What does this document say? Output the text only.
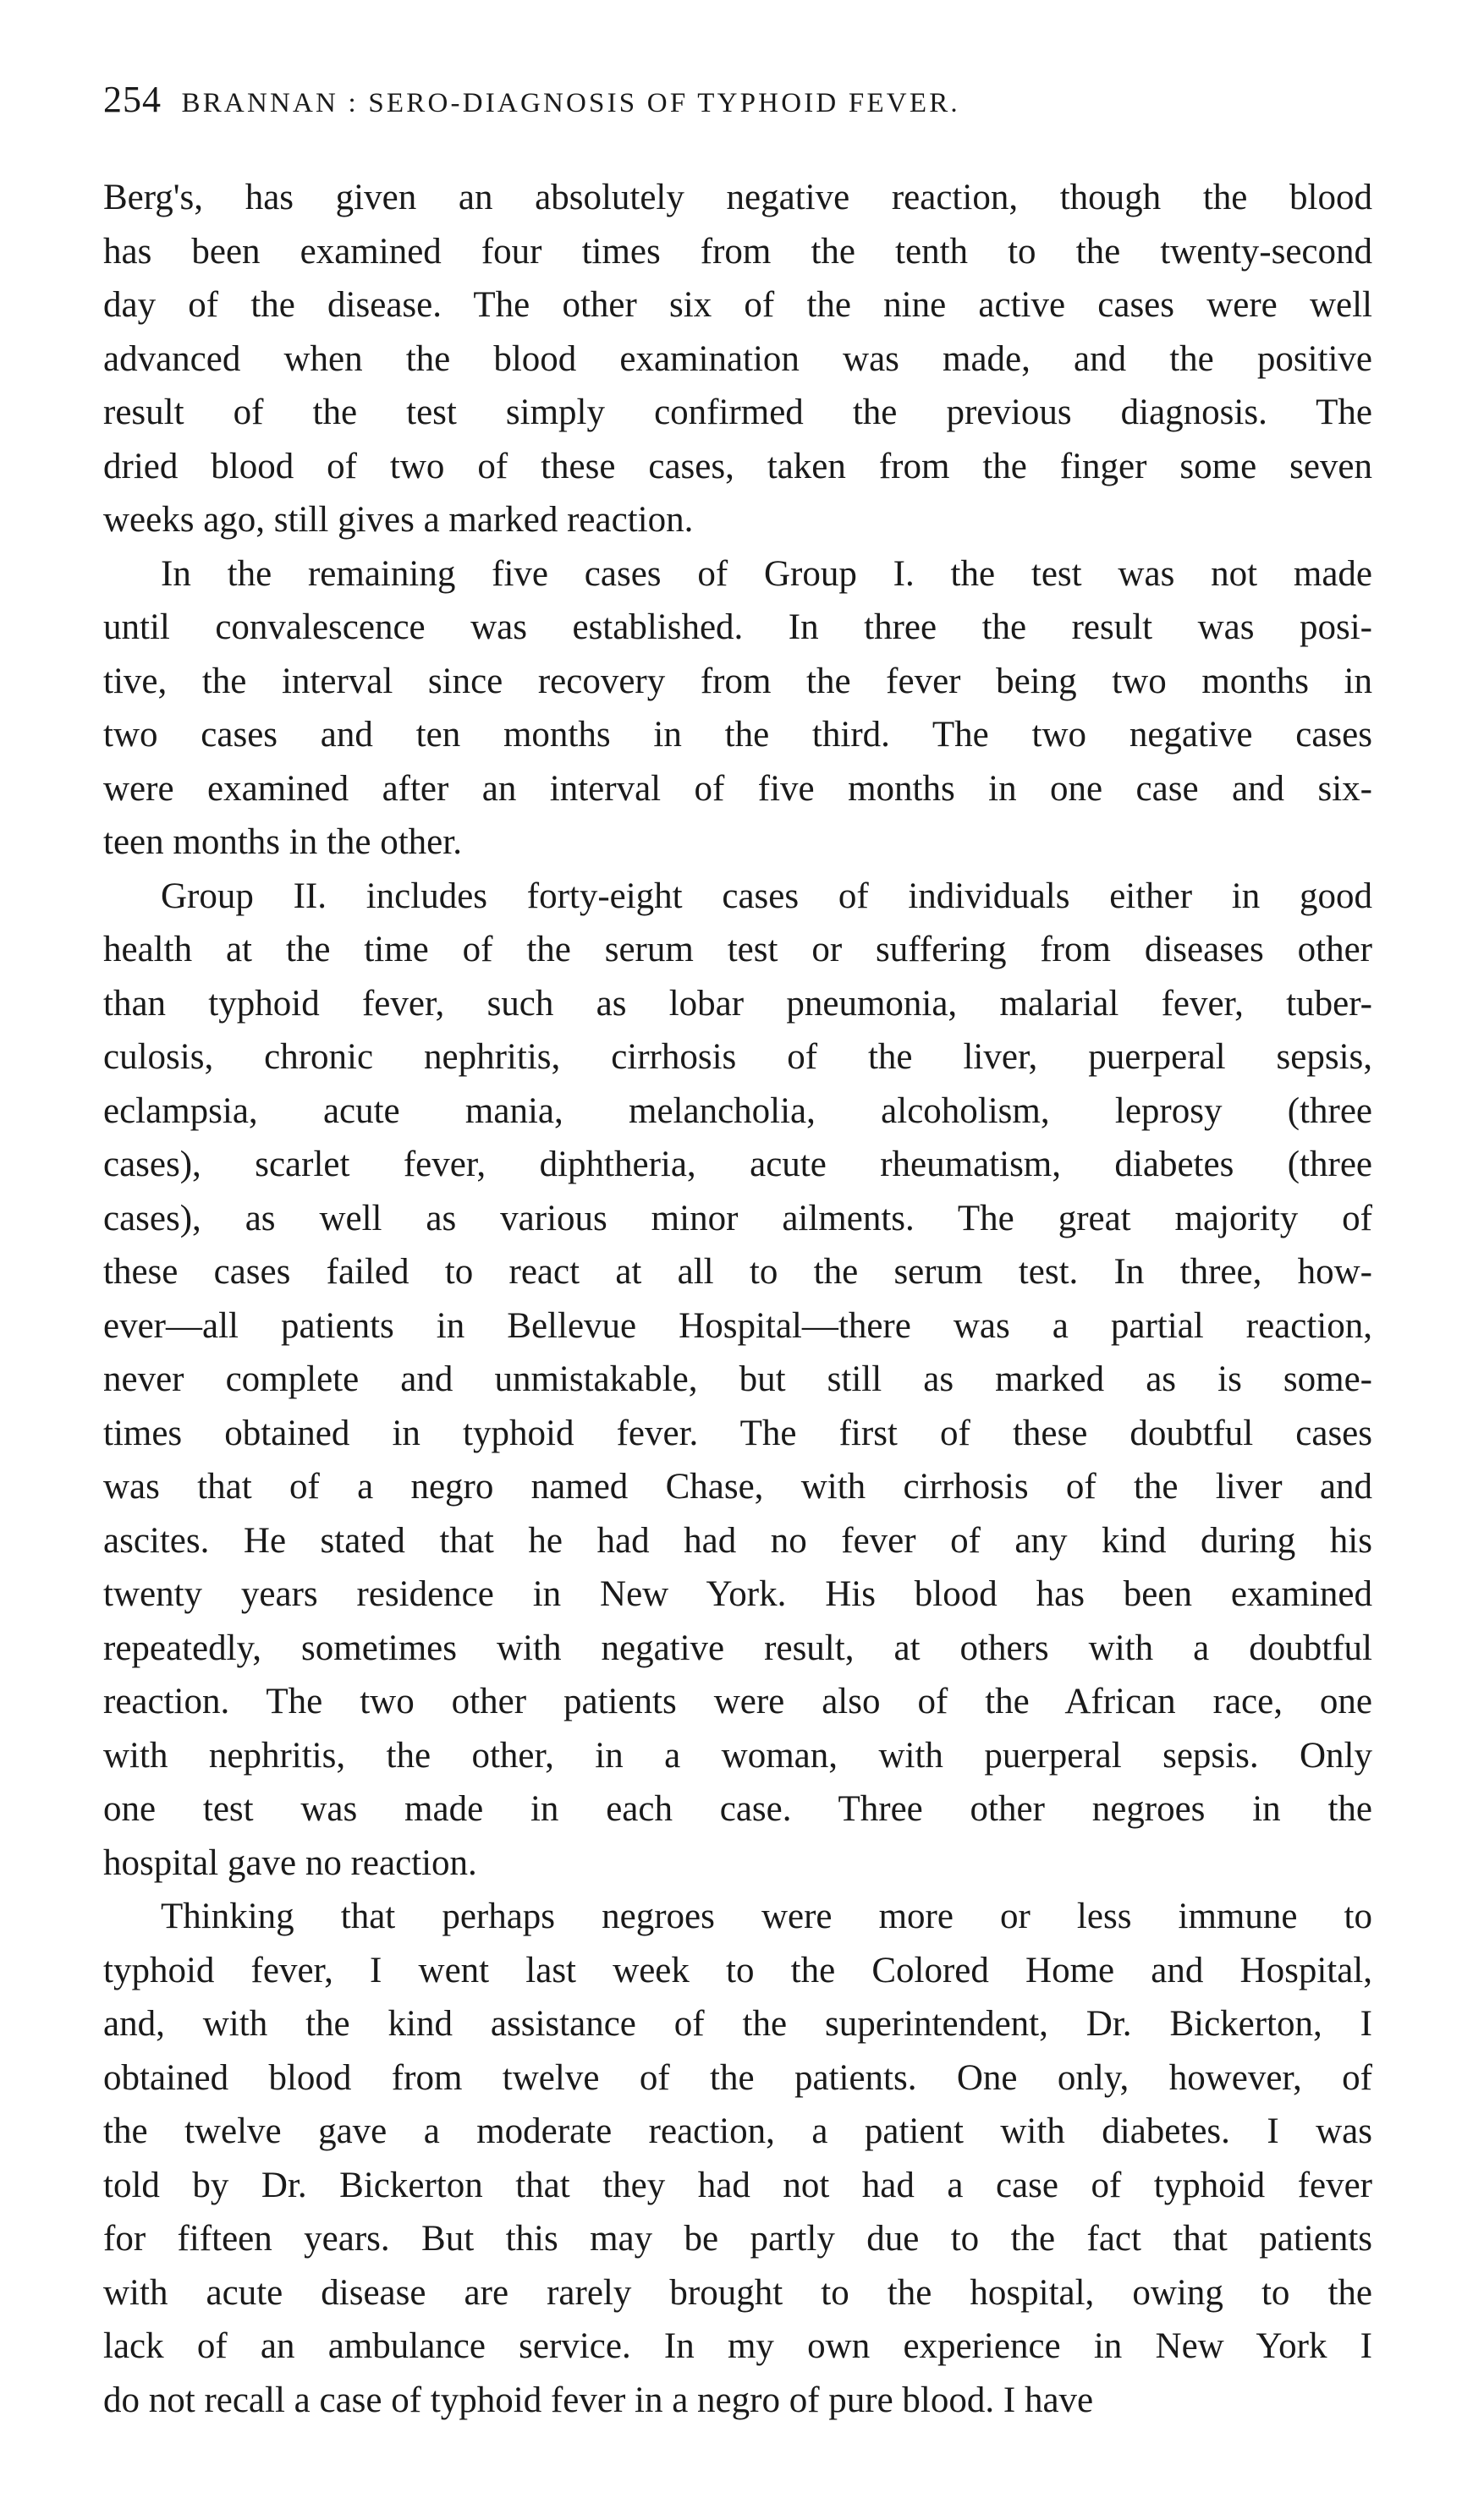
254 BRANNAN : SERO-DIAGNOSIS OF TYPHOID FEVER.

Berg's, has given an absolutely negative reaction, though the blood
has been examined four times from the tenth to the twenty-second
day of the disease. The other six of the nine active cases were well
advanced when the blood examination was made, and the positive
result of the test simply confirmed the previous diagnosis. The
dried blood of two of these cases, taken from the finger some seven
weeks ago, still gives a marked reaction.

In the remaining five cases of Group I. the test was not made
until convalescence was established. In three the result was posi-
tive, the interval since recovery from the fever being two months in
two cases and ten months in the third. The two negative cases
were examined after an interval of five months in one case and six-
teen months in the other.

Group II. includes forty-eight cases of individuals either in good
health at the time of the serum test or suffering from diseases other
than typhoid fever, such as lobar pneumonia, malarial fever, tuber-
culosis, chronic nephritis, cirrhosis of the liver, puerperal sepsis,
eclampsia, acute mania, melancholia, alcoholism, leprosy (three
cases), scarlet fever, diphtheria, acute rheumatism, diabetes (three
cases), as well as various minor ailments. The great majority of
these cases failed to react at all to the serum test. In three, how-
ever—all patients in Bellevue Hospital—there was a partial reaction,
never complete and unmistakable, but still as marked as is some-
times obtained in typhoid fever. The first of these doubtful cases
was that of a negro named Chase, with cirrhosis of the liver and
ascites. He stated that he had had no fever of any kind during his
twenty years residence in New York. His blood has been examined
repeatedly, sometimes with negative result, at others with a doubtful
reaction. The two other patients were also of the African race, one
with nephritis, the other, in a woman, with puerperal sepsis. Only
one test was made in each case. Three other negroes in the
hospital gave no reaction.

Thinking that perhaps negroes were more or less immune to
typhoid fever, I went last week to the Colored Home and Hospital,
and, with the kind assistance of the superintendent, Dr. Bickerton, I
obtained blood from twelve of the patients. One only, however, of
the twelve gave a moderate reaction, a patient with diabetes. I was
told by Dr. Bickerton that they had not had a case of typhoid fever
for fifteen years. But this may be partly due to the fact that patients
with acute disease are rarely brought to the hospital, owing to the
lack of an ambulance service. In my own experience in New York I
do not recall a case of typhoid fever in a negro of pure blood. I have
